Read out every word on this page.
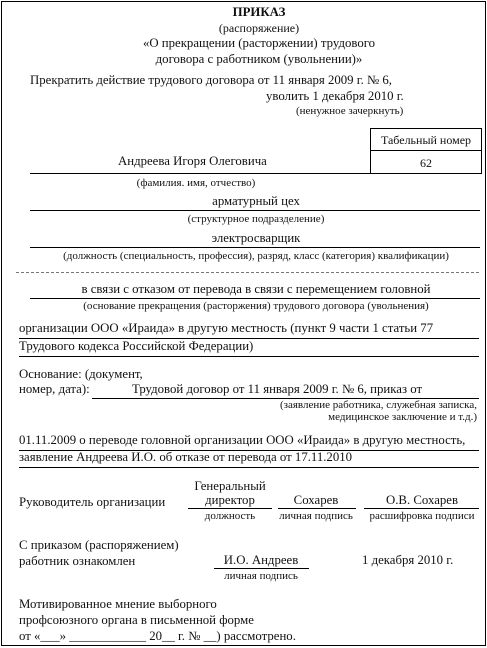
ПРИКАЗ
(распоряжение)
«О прекращении (расторжении) трудового
договора с работником (увольнении)»
Прекратить действие трудового договора от 11 января 2009 г. № 6,
уволить 1 декабря 2010 г.
(ненужное зачеркнуть)
Табельный номер
62
Андреева Игоря Олеговича
(фамилия. имя, отчество)
арматурный цех
(структурное подразделение)
электросварщик
(должность (специальность, профессия), разряд, класс (категория) квалификации)
в связи с отказом от перевода в связи с перемещением головной
(основание прекращения (расторжения) трудового договора (увольнения)
организации ООО «Ираида» в другую местность (пункт 9 части 1 статьи 77
Трудового кодекса Российской Федерации)
Основание: (документ,
номер, дата):	Трудовой договор от 11 января 2009 г. № 6, приказ от
(заявление работника, служебная записка,
медицинское заключение и т.д.)
01.11.2009 о переводе головной организации ООО «Ираида» в другую местность,
заявление Андреева И.О. об отказе от перевода от 17.11.2010
Руководитель организации
Генеральный
директор	Сохарев	О.В. Сохарев
должность личная подпись расшифровка подписи
С приказом (распоряжением)
работник ознакомлен	И.О. Андреев
личная подпись
1 декабря 2010 г.
Мотивированное мнение выборного
профсоюзного органа в письменной форме
от «___» ____________ 20__ г. № __) рассмотрено.
